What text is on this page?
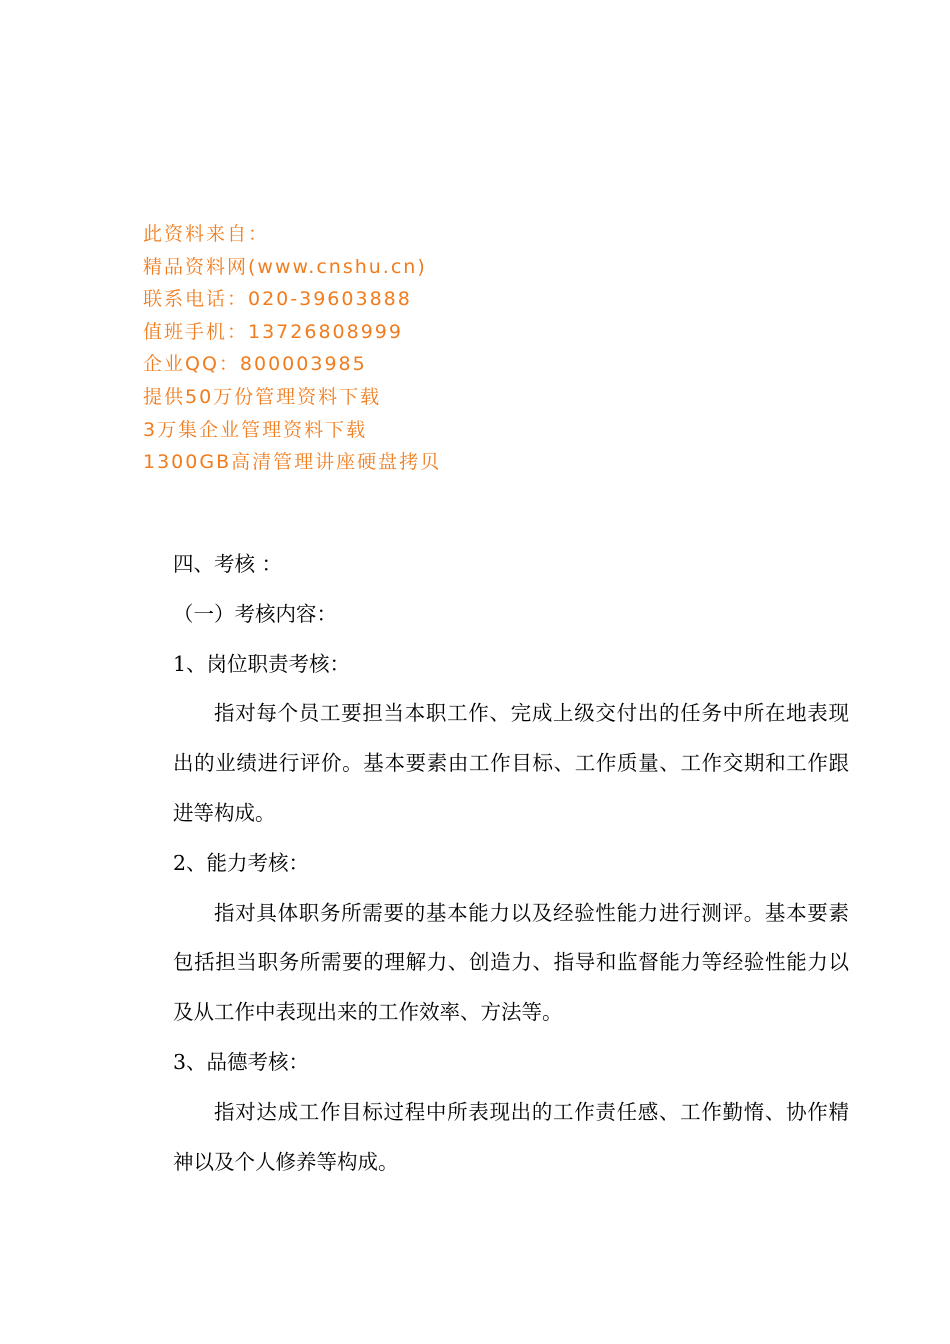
此资料来自：
精品资料网(www.cnshu.cn)
联系电话：020-39603888
值班手机：13726808999
企业QQ：800003985
提供50万份管理资料下载
3万集企业管理资料下载
1300GB高清管理讲座硬盘拷贝
四、考核 ：
（一）考核内容：
1、岗位职责考核：

指对每个员工要担当本职工作、完成上级交付出的任务中所在地表现出的业绩进行评价。基本要素由工作目标、工作质量、工作交期和工作跟进等构成。

2、能力考核：

指对具体职务所需要的基本能力以及经验性能力进行测评。基本要素包括担当职务所需要的理解力、创造力、指导和监督能力等经验性能力以及从工作中表现出来的工作效率、方法等。

3、品德考核：

指对达成工作目标过程中所表现出的工作责任感、工作勤惰、协作精神以及个人修养等构成。
